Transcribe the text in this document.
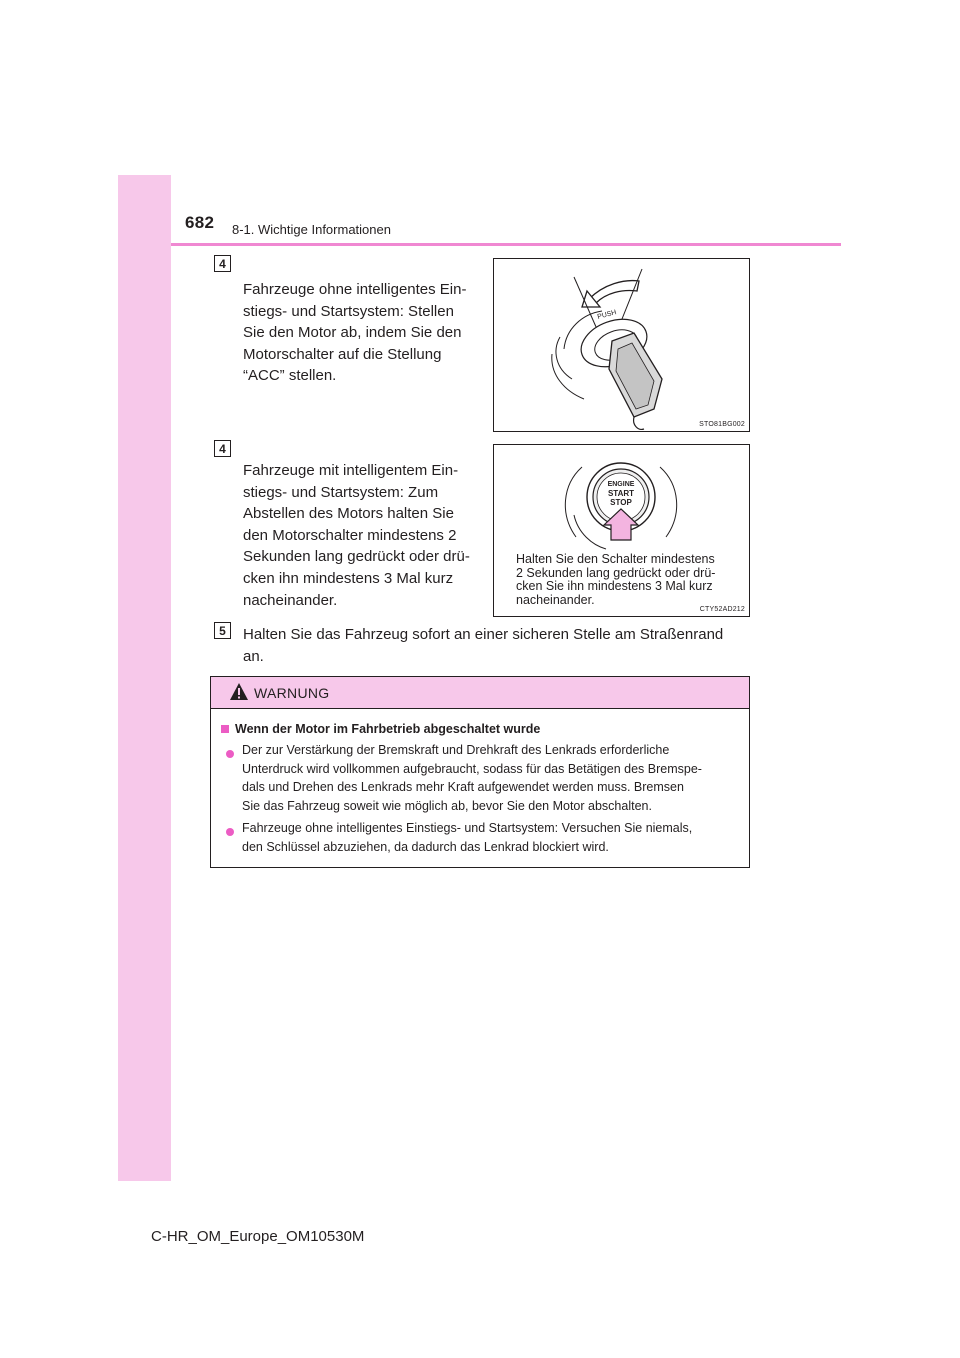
682 8-1. Wichtige Informationen
4
Fahrzeuge ohne intelligentes Ein-
stiegs- und Startsystem: Stellen
Sie den Motor ab, indem Sie den
Motorschalter auf die Stellung
“ACC” stellen.
PUSH
STO81BG002
4
Fahrzeuge mit intelligentem Ein-
stiegs- und Startsystem: Zum
Abstellen des Motors halten Sie
den Motorschalter mindestens 2
Sekunden lang gedrückt oder drü-
cken ihn mindestens 3 Mal kurz
nacheinander.
ENGINE
START
STOP
Halten Sie den Schalter mindestens
2 Sekunden lang gedrückt oder drü-
cken Sie ihn mindestens 3 Mal kurz
nacheinander.
CTY52AD212
5	Halten Sie das Fahrzeug sofort an einer sicheren Stelle am Straßenrand
an.
WARNUNG
Wenn der Motor im Fahrbetrieb abgeschaltet wurde
Der zur Verstärkung der Bremskraft und Drehkraft des Lenkrads erforderliche
Unterdruck wird vollkommen aufgebraucht, sodass für das Betätigen des Bremspe-
dals und Drehen des Lenkrads mehr Kraft aufgewendet werden muss. Bremsen
Sie das Fahrzeug soweit wie möglich ab, bevor Sie den Motor abschalten.
Fahrzeuge ohne intelligentes Einstiegs- und Startsystem: Versuchen Sie niemals,
den Schlüssel abzuziehen, da dadurch das Lenkrad blockiert wird.
C-HR_OM_Europe_OM10530M
